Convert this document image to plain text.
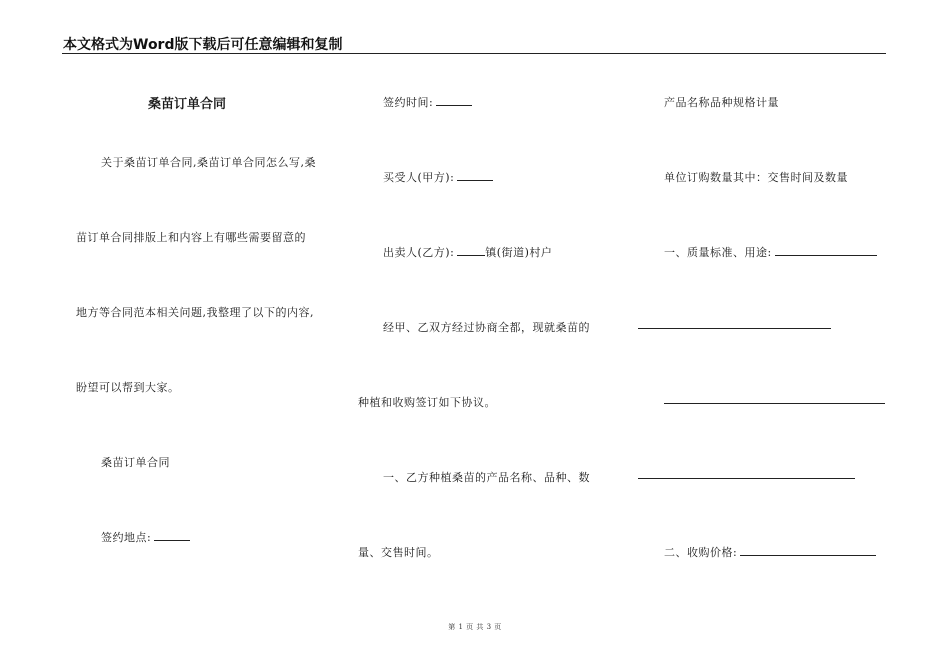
本文格式为Word版下载后可任意编辑和复制
桑苗订单合同
关于桑苗订单合同,桑苗订单合同怎么写,桑
苗订单合同排版上和内容上有哪些需要留意的
地方等合同范本相关问题,我整理了以下的内容,
盼望可以帮到大家。
桑苗订单合同
签约地点:
签约时间:
买受人(甲方):
出卖人(乙方):	镇(街道)村户
经甲、乙双方经过协商全都，现就桑苗的
种植和收购签订如下协议。
一、乙方种植桑苗的产品名称、品种、数
量、交售时间。
产品名称品种规格计量
单位订购数量其中：交售时间及数量
一、质量标准、用途:
二、收购价格:
第 1 页 共 3 页
